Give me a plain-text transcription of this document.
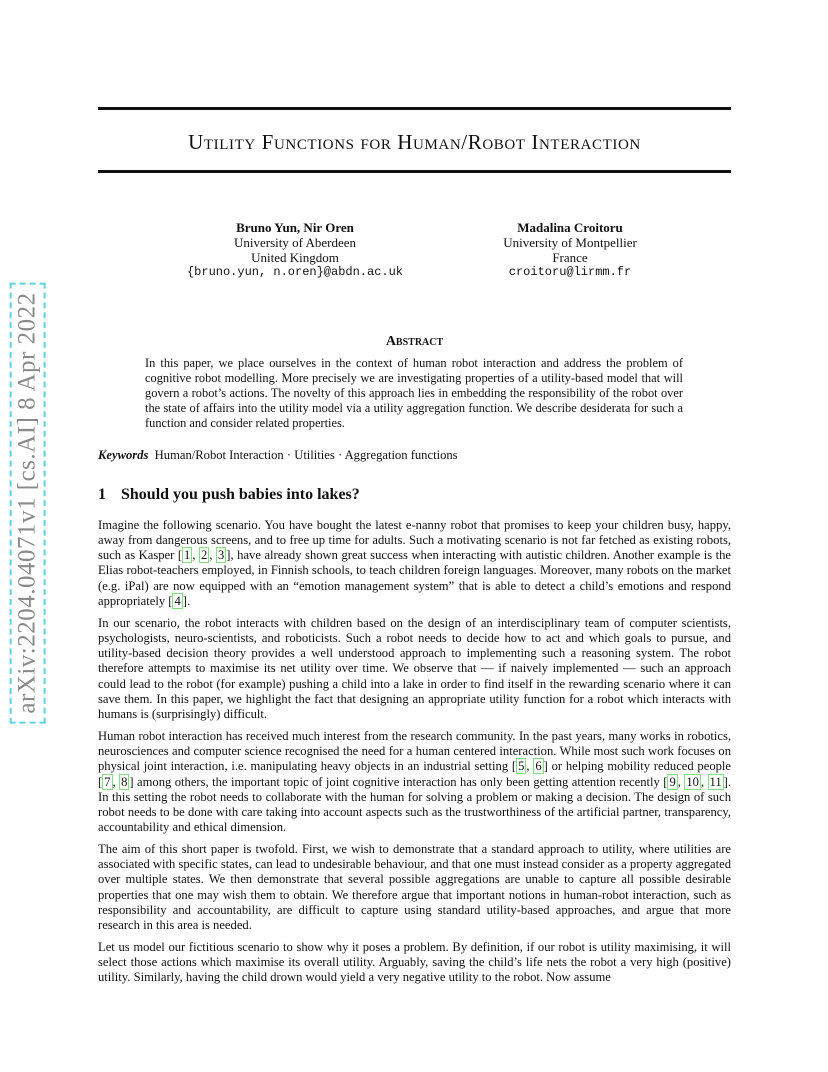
arXiv:2204.04071v1 [cs.AI] 8 Apr 2022
Utility Functions for Human/Robot Interaction
Bruno Yun, Nir Oren
University of Aberdeen
United Kingdom
{bruno.yun, n.oren}@abdn.ac.uk
Madalina Croitoru
University of Montpellier
France
croitoru@lirmm.fr
Abstract
In this paper, we place ourselves in the context of human robot interaction and address the problem of cognitive robot modelling. More precisely we are investigating properties of a utility-based model that will govern a robot’s actions. The novelty of this approach lies in embedding the responsibility of the robot over the state of affairs into the utility model via a utility aggregation function. We describe desiderata for such a function and consider related properties.
Keywords Human/Robot Interaction · Utilities · Aggregation functions
1 Should you push babies into lakes?

Imagine the following scenario. You have bought the latest e-nanny robot that promises to keep your children busy, happy, away from dangerous screens, and to free up time for adults. Such a motivating scenario is not far fetched as existing robots, such as Kasper [ 1 , 2 , 3 ], have already shown great success when interacting with autistic children. Another example is the Elias robot-teachers employed, in Finnish schools, to teach children foreign languages. Moreover, many robots on the market (e.g. iPal) are now equipped with an “emotion management system” that is able to detect a child’s emotions and respond appropriately [ 4 ].

In our scenario, the robot interacts with children based on the design of an interdisciplinary team of computer scientists, psychologists, neuro-scientists, and roboticists. Such a robot needs to decide how to act and which goals to pursue, and utility-based decision theory provides a well understood approach to implementing such a reasoning system. The robot therefore attempts to maximise its net utility over time. We observe that — if naively implemented — such an approach could lead to the robot (for example) pushing a child into a lake in order to find itself in the rewarding scenario where it can save them. In this paper, we highlight the fact that designing an appropriate utility function for a robot which interacts with humans is (surprisingly) difficult.

Human robot interaction has received much interest from the research community. In the past years, many works in robotics, neurosciences and computer science recognised the need for a human centered interaction. While most such work focuses on physical joint interaction, i.e. manipulating heavy objects in an industrial setting [ 5 , 6 ] or helping mobility reduced people [ 7 , 8 ] among others, the important topic of joint cognitive interaction has only been getting attention recently [ 9 , 10 , 11 ]. In this setting the robot needs to collaborate with the human for solving a problem or making a decision. The design of such robot needs to be done with care taking into account aspects such as the trustworthiness of the artificial partner, transparency, accountability and ethical dimension.

The aim of this short paper is twofold. First, we wish to demonstrate that a standard approach to utility, where utilities are associated with specific states, can lead to undesirable behaviour, and that one must instead consider as a property aggregated over multiple states. We then demonstrate that several possible aggregations are unable to capture all possible desirable properties that one may wish them to obtain. We therefore argue that important notions in human-robot interaction, such as responsibility and accountability, are difficult to capture using standard utility-based approaches, and argue that more research in this area is needed.

Let us model our fictitious scenario to show why it poses a problem. By definition, if our robot is utility maximising, it will select those actions which maximise its overall utility. Arguably, saving the child’s life nets the robot a very high (positive) utility. Similarly, having the child drown would yield a very negative utility to the robot. Now assume
